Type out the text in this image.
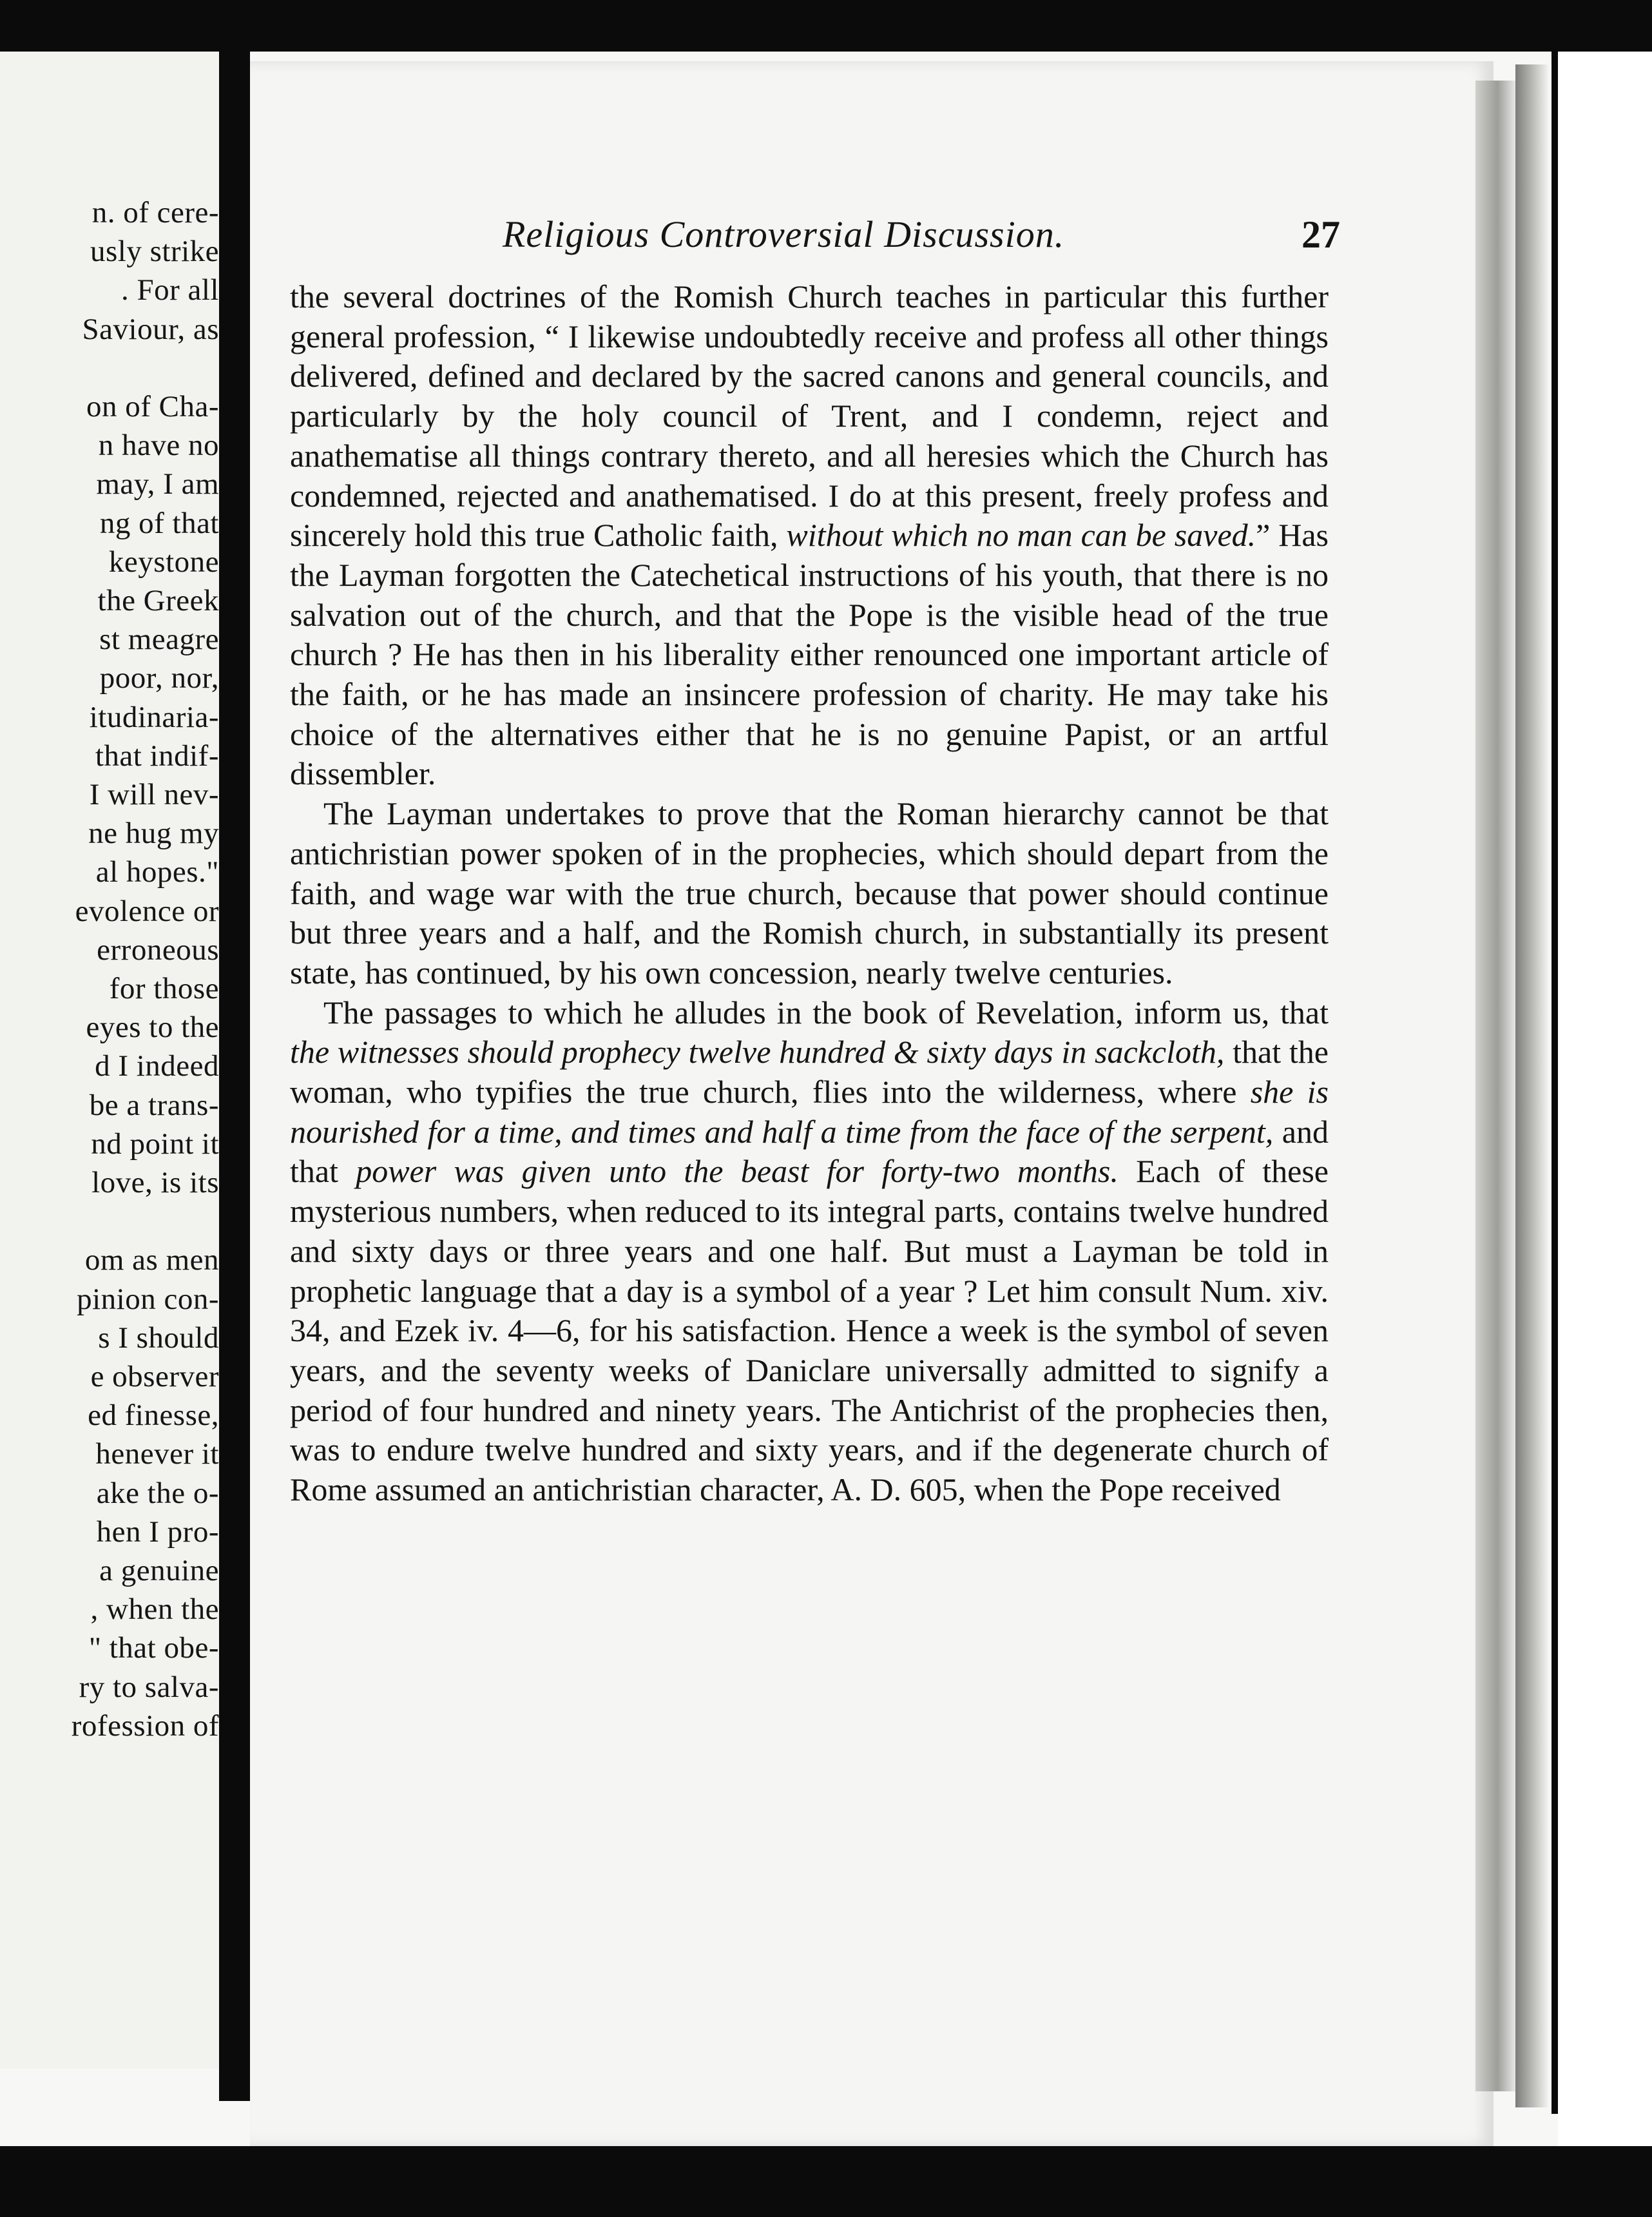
n. of cere-
usly strike
. For all
Saviour, as
on of Cha-
n have no
may, I am
ng of that
keystone
the Greek
st meagre
poor, nor,
itudinaria-
that indif-
I will nev-
ne hug my
al hopes."
evolence or
erroneous
for those
eyes to the
d I indeed
be a trans-
nd point it
love, is its
om as men
pinion con-
s I should
e observer
ed finesse,
henever it
ake the o-
hen I pro-
a genuine
, when the
" that obe-
ry to salva-
rofession of
Religious Controversial Discussion.	27

the several doctrines of the Romish Church teaches in particular this further general profession, “ I likewise undoubtedly receive and profess all other things delivered, defined and declared by the sacred canons and general councils, and particularly by the holy council of Trent, and I condemn, reject and anathematise all things contrary thereto, and all heresies which the Church has condemned, rejected and anathematised. I do at this present, freely profess and sincerely hold this true Catholic faith, without which no man can be saved.” Has the Layman forgotten the Catechetical instructions of his youth, that there is no salvation out of the church, and that the Pope is the visible head of the true church ? He has then in his liberality either renounced one important article of the faith, or he has made an insincere profession of charity. He may take his choice of the alternatives either that he is no genuine Papist, or an artful dissembler.

The Layman undertakes to prove that the Roman hierarchy cannot be that antichristian power spoken of in the prophecies, which should depart from the faith, and wage war with the true church, because that power should continue but three years and a half, and the Romish church, in substantially its present state, has continued, by his own concession, nearly twelve centuries.

The passages to which he alludes in the book of Revelation, inform us, that the witnesses should prophecy twelve hundred & sixty days in sackcloth, that the woman, who typifies the true church, flies into the wilderness, where she is nourished for a time, and times and half a time from the face of the serpent, and that power was given unto the beast for forty-two months. Each of these mysterious numbers, when reduced to its integral parts, contains twelve hundred and sixty days or three years and one half. But must a Layman be told in prophetic language that a day is a symbol of a year ? Let him consult Num. xiv. 34, and Ezek iv. 4—6, for his satisfaction. Hence a week is the symbol of seven years, and the seventy weeks of Daniclare universally admitted to signify a period of four hundred and ninety years. The Antichrist of the prophecies then, was to endure twelve hundred and sixty years, and if the degenerate church of Rome assumed an antichristian character, A. D. 605, when the Pope received
